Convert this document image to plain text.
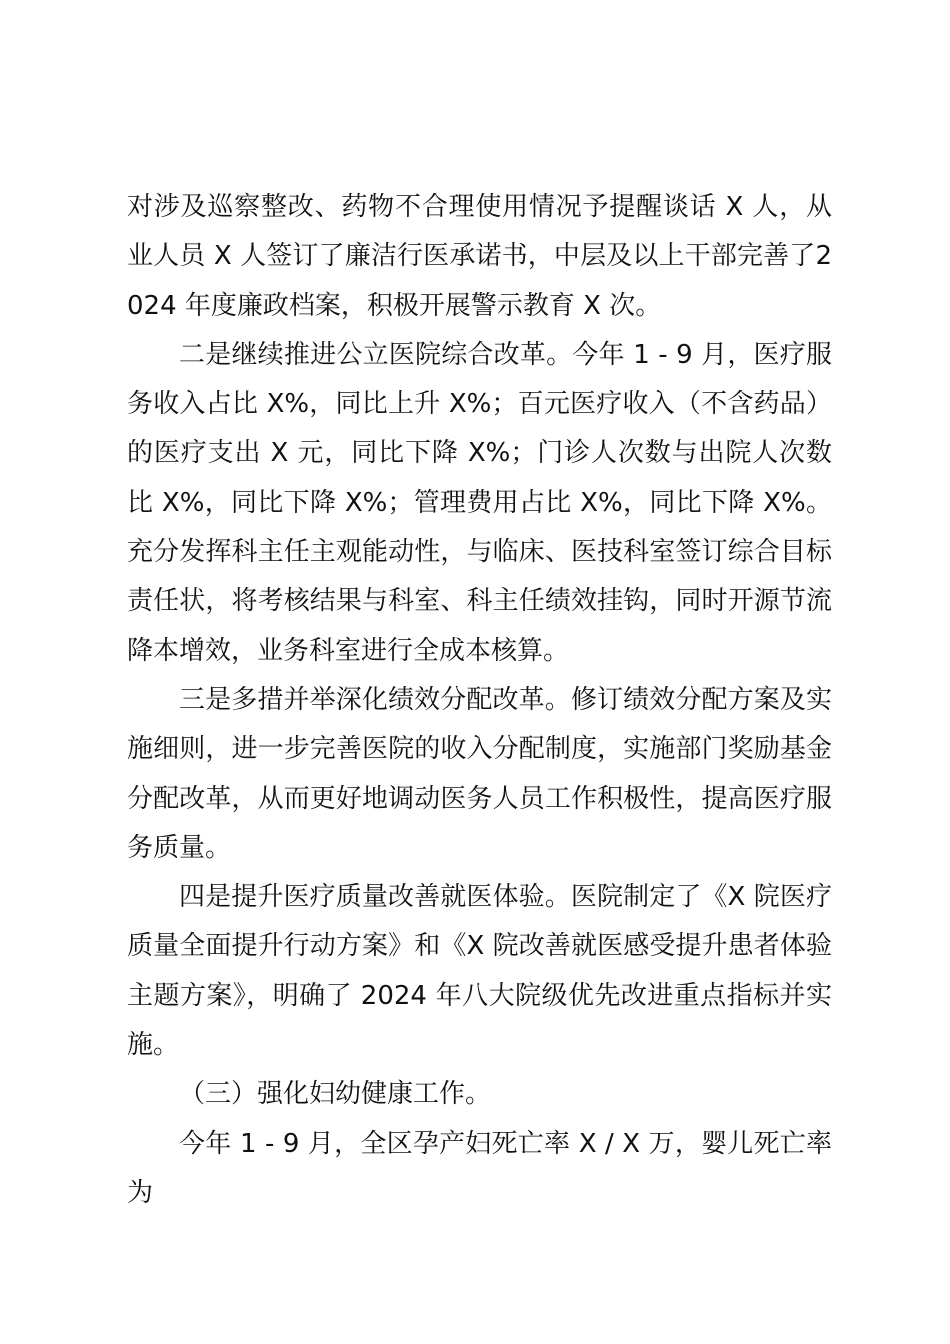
对涉及巡察整改、药物不合理使用情况予提醒谈话 X 人，从业人员 X 人签订了廉洁行医承诺书，中层及以上干部完善了2024 年度廉政档案，积极开展警示教育 X 次。

二是继续推进公立医院综合改革。今年 1 - 9 月，医疗服务收入占比 X%，同比上升 X%；百元医疗收入（不含药品）的医疗支出 X 元，同比下降 X%；门诊人次数与出院人次数比 X%，同比下降 X%；管理费用占比 X%，同比下降 X%。充分发挥科主任主观能动性，与临床、医技科室签订综合目标责任状，将考核结果与科室、科主任绩效挂钩，同时开源节流降本增效，业务科室进行全成本核算。

三是多措并举深化绩效分配改革。修订绩效分配方案及实施细则，进一步完善医院的收入分配制度，实施部门奖励基金分配改革，从而更好地调动医务人员工作积极性，提高医疗服务质量。

四是提升医疗质量改善就医体验。医院制定了《X 院医疗质量全面提升行动方案》和《X 院改善就医感受提升患者体验主题方案》，明确了 2024 年八大院级优先改进重点指标并实施。

（三）强化妇幼健康工作。

今年 1 - 9 月，全区孕产妇死亡率 X / X 万，婴儿死亡率为
